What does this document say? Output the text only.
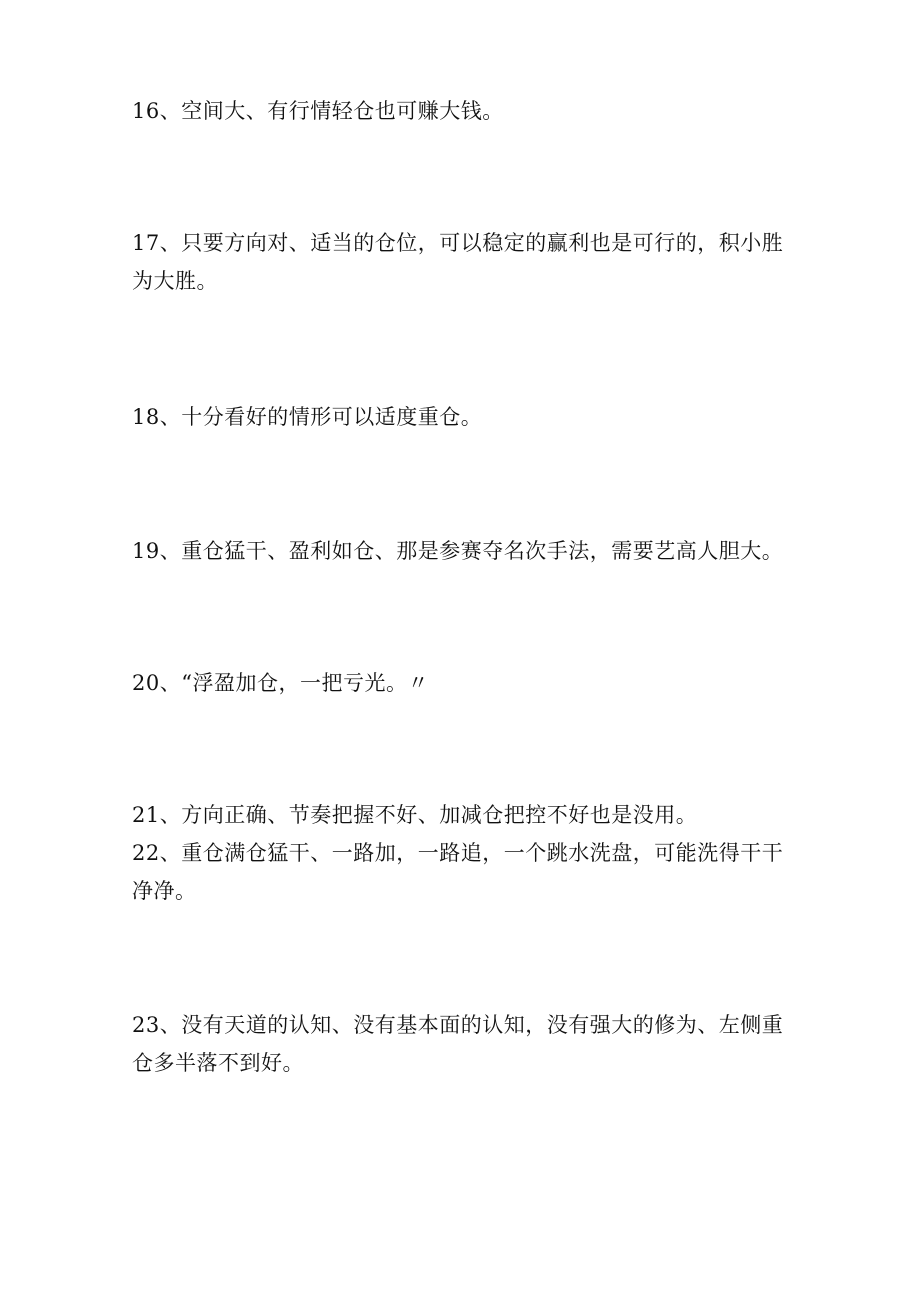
16、空间大、有行情轻仓也可赚大钱。

17、只要方向对、适当的仓位，可以稳定的赢利也是可行的，积小胜为大胜。

18、十分看好的情形可以适度重仓。

19、重仓猛干、盈利如仓、那是参赛夺名次手法，需要艺高人胆大。

20、“浮盈加仓，一把亏光。〃

21、方向正确、节奏把握不好、加减仓把控不好也是没用。

22、重仓满仓猛干、一路加，一路追，一个跳水洗盘，可能洗得干干净净。

23、没有天道的认知、没有基本面的认知，没有强大的修为、左侧重仓多半落不到好。
